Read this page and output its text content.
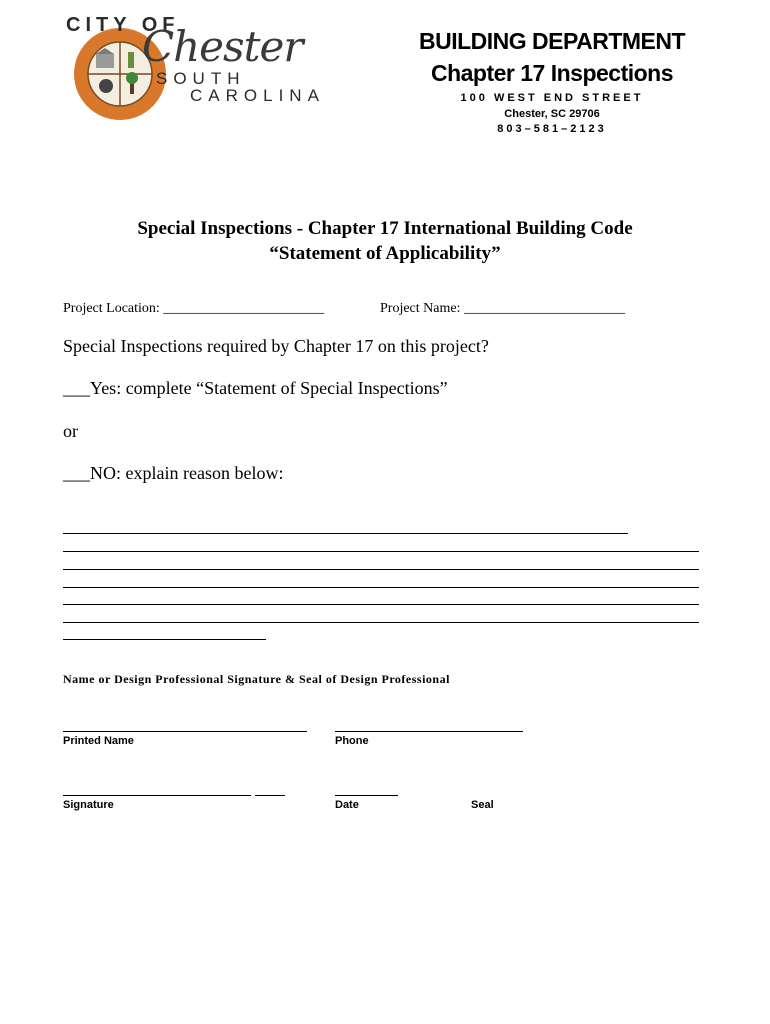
CITY OF
Chester
SOUTH
CAROLINA
BUILDING DEPARTMENT
Chapter 17 Inspections
100 WEST END STREET
Chester, SC 29706
803–581–2123
Special Inspections - Chapter 17 International Building Code
“Statement of Applicability”
Project Location: _______________________	Project Name: _______________________
Special Inspections required by Chapter 17 on this project?
___Yes: complete “Statement of Special Inspections”
or
___NO: explain reason below:
Name or Design Professional Signature & Seal of Design Professional
Printed Name	Phone
Signature	Date	Seal
